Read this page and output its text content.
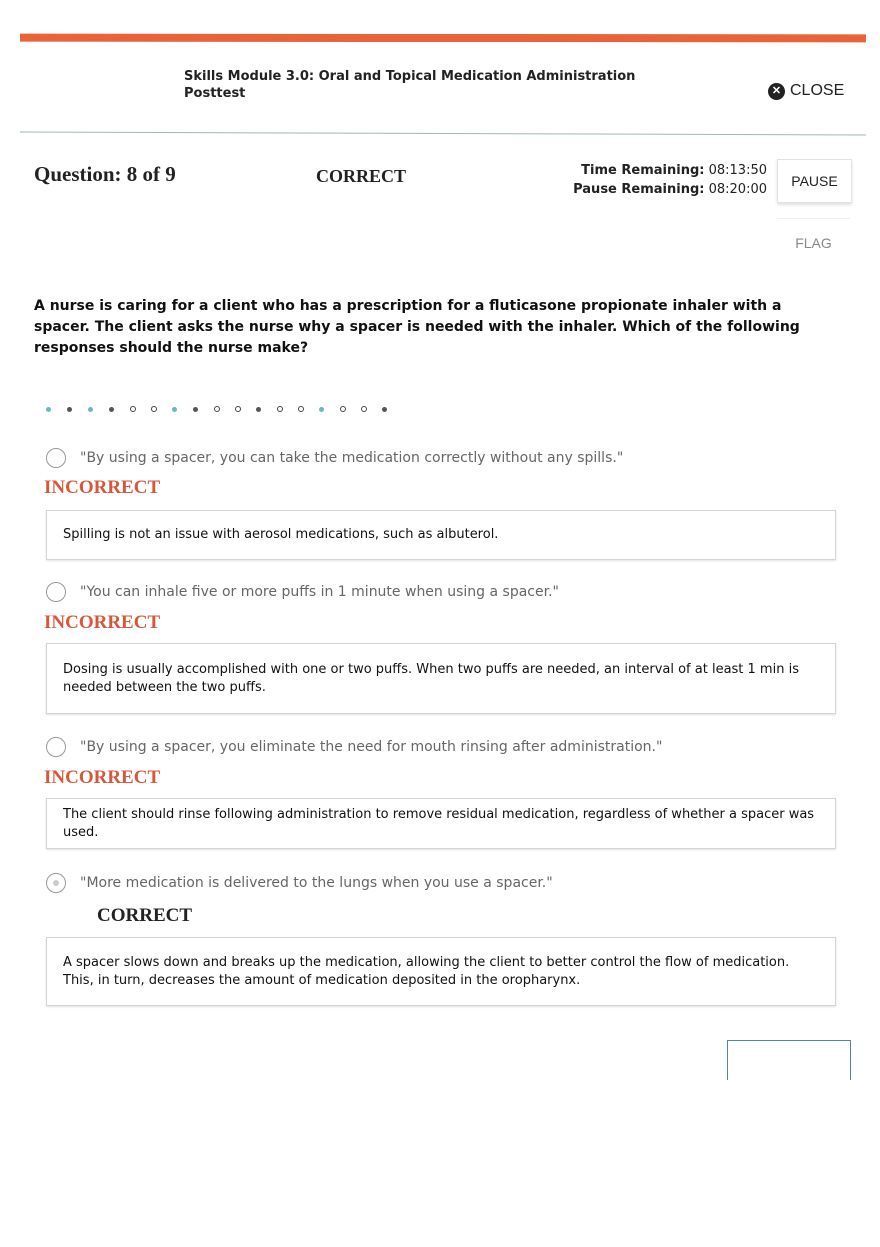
Skills Module 3.0: Oral and Topical Medication Administration Posttest	✕ CLOSE
Question: 8 of 9	CORRECT	Time Remaining: 08:13:50
Pause Remaining: 08:20:00
PAUSE
FLAG
A nurse is caring for a client who has a prescription for a fluticasone propionate inhaler with a spacer. The client asks the nurse why a spacer is needed with the inhaler. Which of the following responses should the nurse make?
"By using a spacer, you can take the medication correctly without any spills."
INCORRECT
Spilling is not an issue with aerosol medications, such as albuterol.
"You can inhale five or more puffs in 1 minute when using a spacer."
INCORRECT
Dosing is usually accomplished with one or two puffs. When two puffs are needed, an interval of at least 1 min is needed between the two puffs.
"By using a spacer, you eliminate the need for mouth rinsing after administration."
INCORRECT
The client should rinse following administration to remove residual medication, regardless of whether a spacer was used.
"More medication is delivered to the lungs when you use a spacer."
CORRECT
A spacer slows down and breaks up the medication, allowing the client to better control the flow of medication. This, in turn, decreases the amount of medication deposited in the oropharynx.
